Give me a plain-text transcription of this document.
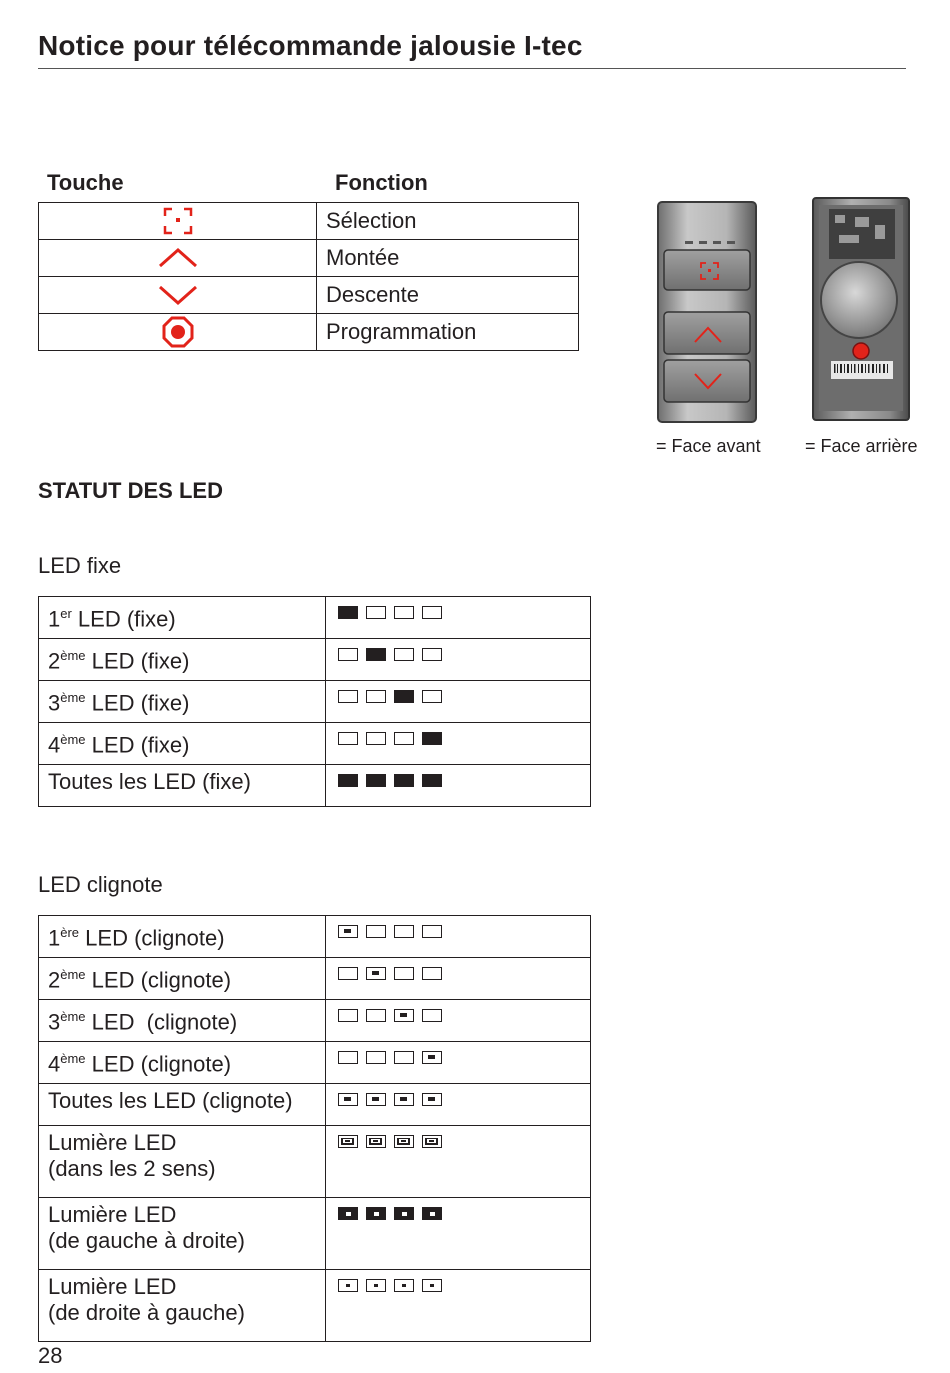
Notice pour télécommande jalousie I-tec
Touche	Fonction
	Sélection

	Montée

	Descente

	Programmation
= Face avant = Face arrière
STATUT DES LED
LED fixe
1er LED (fixe)	

2ème LED (fixe)	

3ème LED (fixe)	

4ème LED (fixe)	

Toutes les LED (fixe)	
LED clignote
1ère LED (clignote)	

2ème LED (clignote)	

3ème LED  (clignote)	

4ème LED (clignote)	

Toutes les LED (clignote)	

Lumière LED
(dans les 2 sens)	

Lumière LED
(de gauche à droite)	

Lumière LED
(de droite à gauche)	
28
